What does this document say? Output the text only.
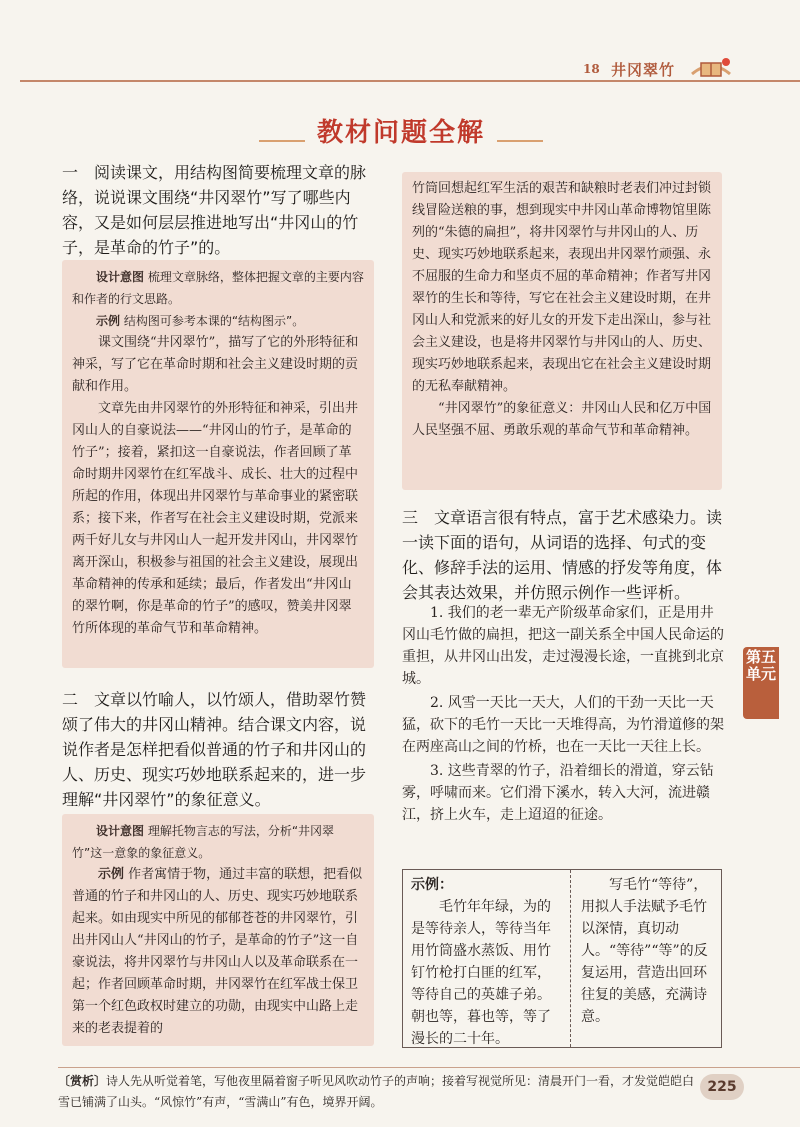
18 井冈翠竹
教材问题全解

一　阅读课文，用结构图简要梳理文章的脉络，说说课文围绕“井冈翠竹”写了哪些内容，又是如何层层推进地写出“井冈山的竹子，是革命的竹子”的。

设计意图 梳理文章脉络，整体把握文章的主要内容和作者的行文思路。

示例 结构图可参考本课的“结构图示”。

课文围绕“井冈翠竹”，描写了它的外形特征和神采，写了它在革命时期和社会主义建设时期的贡献和作用。

文章先由井冈翠竹的外形特征和神采，引出井冈山人的自豪说法——“井冈山的竹子，是革命的竹子”；接着，紧扣这一自豪说法，作者回顾了革命时期井冈翠竹在红军战斗、成长、壮大的过程中所起的作用，体现出井冈翠竹与革命事业的紧密联系；接下来，作者写在社会主义建设时期，党派来两千好儿女与井冈山人一起开发井冈山，井冈翠竹离开深山，积极参与祖国的社会主义建设，展现出革命精神的传承和延续；最后，作者发出“井冈山的翠竹啊，你是革命的竹子”的感叹，赞美井冈翠竹所体现的革命气节和革命精神。

二　文章以竹喻人，以竹颂人，借助翠竹赞颂了伟大的井冈山精神。结合课文内容，说说作者是怎样把看似普通的竹子和井冈山的人、历史、现实巧妙地联系起来的，进一步理解“井冈翠竹”的象征意义。

设计意图 理解托物言志的写法，分析“井冈翠竹”这一意象的象征意义。

示例 作者寓情于物，通过丰富的联想，把看似普通的竹子和井冈山的人、历史、现实巧妙地联系起来。如由现实中所见的郁郁苍苍的井冈翠竹，引出井冈山人“井冈山的竹子，是革命的竹子”这一自豪说法，将井冈翠竹与井冈山人以及革命联系在一起；作者回顾革命时期，井冈翠竹在红军战士保卫第一个红色政权时建立的功勋，由现实中山路上走来的老表提着的

竹筒回想起红军生活的艰苦和缺粮时老表们冲过封锁线冒险送粮的事，想到现实中井冈山革命博物馆里陈列的“朱德的扁担”，将井冈翠竹与井冈山的人、历史、现实巧妙地联系起来，表现出井冈翠竹顽强、永不屈服的生命力和坚贞不屈的革命精神；作者写井冈翠竹的生长和等待，写它在社会主义建设时期，在井冈山人和党派来的好儿女的开发下走出深山，参与社会主义建设，也是将井冈翠竹与井冈山的人、历史、现实巧妙地联系起来，表现出它在社会主义建设时期的无私奉献精神。

“井冈翠竹”的象征意义：井冈山人民和亿万中国人民坚强不屈、勇敢乐观的革命气节和革命精神。

三　文章语言很有特点，富于艺术感染力。读一读下面的语句，从词语的选择、句式的变化、修辞手法的运用、情感的抒发等角度，体会其表达效果，并仿照示例作一些评析。

1. 我们的老一辈无产阶级革命家们，正是用井冈山毛竹做的扁担，把这一副关系全中国人民命运的重担，从井冈山出发，走过漫漫长途，一直挑到北京城。

2. 风雪一天比一天大，人们的干劲一天比一天猛，砍下的毛竹一天比一天堆得高，为竹滑道修的架在两座高山之间的竹桥，也在一天比一天往上长。

3. 这些青翠的竹子，沿着细长的滑道，穿云钻雾，呼啸而来。它们滑下溪水，转入大河，流进赣江，挤上火车，走上迢迢的征途。

第五单元
示例：

毛竹年年绿，为的是等待亲人，等待当年用竹筒盛水蒸饭、用竹钉竹枪打白匪的红军，等待自己的英雄子弟。朝也等，暮也等，等了漫长的二十年。

写毛竹“等待”，用拟人手法赋予毛竹以深情，真切动人。“等待”“等”的反复运用，营造出回环往复的美感，充满诗意。

〔赏析〕诗人先从听觉着笔，写他夜里隔着窗子听见风吹动竹子的声响；接着写视觉所见：清晨开门一看，才发觉皑皑白雪已铺满了山头。“风惊竹”有声，“雪满山”有色，境界开阔。
225
